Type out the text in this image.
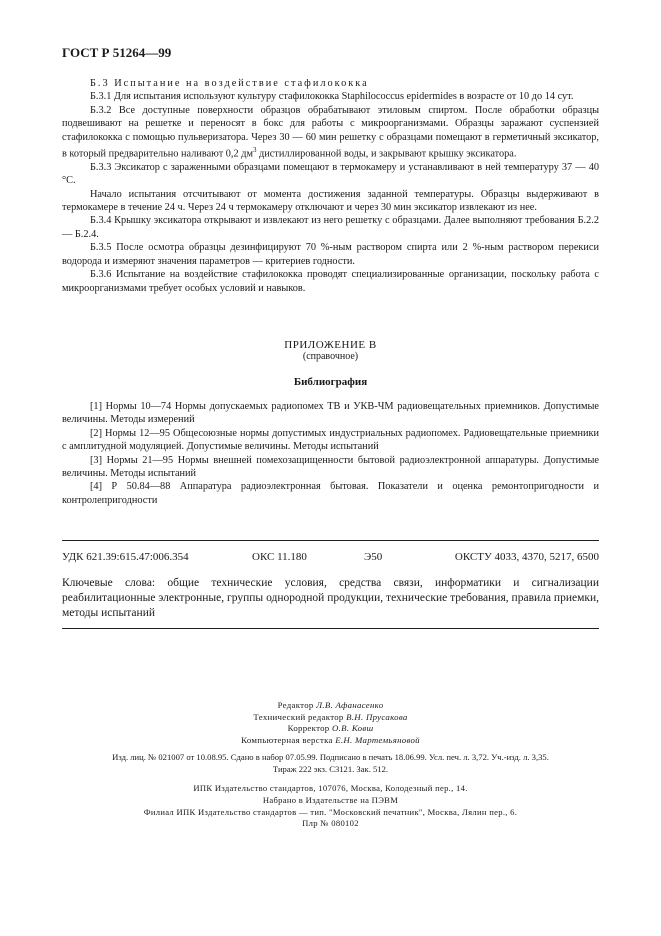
ГОСТ Р 51264—99

Б.3 Испытание на воздействие стафилококка

Б.3.1 Для испытания используют культуру стафилококка Staphilococcus epidermides в возрасте от 10 до 14 сут.

Б.3.2 Все доступные поверхности образцов обрабатывают этиловым спиртом. После обработки образцы подвешивают на решетке и переносят в бокс для работы с микроорганизмами. Образцы заражают суспензией стафилококка с помощью пульверизатора. Через 30 — 60 мин решетку с образцами помещают в герметичный эксикатор, в который предварительно наливают 0,2 $дм^3$ дистиллированной воды, и закрывают крышку эксикатора.

Б.3.3 Эксикатор с зараженными образцами помещают в термокамеру и устанавливают в ней температуру 37 — 40 °С.

Начало испытания отсчитывают от момента достижения заданной температуры. Образцы выдерживают в термокамере в течение 24 ч. Через 24 ч термокамеру отключают и через 30 мин эксикатор извлекают из нее.

Б.3.4 Крышку эксикатора открывают и извлекают из него решетку с образцами. Далее выполняют требования Б.2.2 — Б.2.4.

Б.3.5 После осмотра образцы дезинфицируют 70 %-ным раствором спирта или 2 %-ным раствором перекиси водорода и измеряют значения параметров — критериев годности.

Б.3.6 Испытание на воздействие стафилококка проводят специализированные организации, поскольку работа с микроорганизмами требует особых условий и навыков.

ПРИЛОЖЕНИЕ В
(справочное)
Библиография

[1] Нормы 10—74 Нормы допускаемых радиопомех ТВ и УКВ-ЧМ радиовещательных приемников. Допустимые величины. Методы измерений

[2] Нормы 12—95 Общесоюзные нормы допустимых индустриальных радиопомех. Радиовещательные приемники с амплитудной модуляцией. Допустимые величины. Методы испытаний

[3] Нормы 21—95 Нормы внешней помехозащищенности бытовой радиоэлектронной аппаратуры. Допустимые величины. Методы испытаний

[4] Р 50.84—88 Аппаратура радиоэлектронная бытовая. Показатели и оценка ремонтопригодности и контролепригодности

УДК 621.39:615.47:006.354	ОКС 11.180	Э50	ОКСТУ 4033, 4370, 5217, 6500
Ключевые слова: общие технические условия, средства связи, информатики и сигнализации реабилитационные электронные, группы однородной продукции, технические требования, правила приемки, методы испытаний
Редактор Л.В. Афанасенко
Технический редактор В.Н. Прусакова
Корректор О.В. Ковш
Компьютерная верстка Е.Н. Мартемьяновой
Изд. лиц. № 021007 от 10.08.95. Сдано в набор 07.05.99. Подписано в печать 18.06.99. Усл. печ. л. 3,72. Уч.-изд. л. 3,35.
Тираж 222 экз. С3121. Зак. 512.
ИПК Издательство стандартов, 107076, Москва, Колодезный пер., 14.
Набрано в Издательстве на ПЭВМ
Филиал ИПК Издательство стандартов — тип. "Московский печатник", Москва, Лялин пер., 6.
Плр № 080102
